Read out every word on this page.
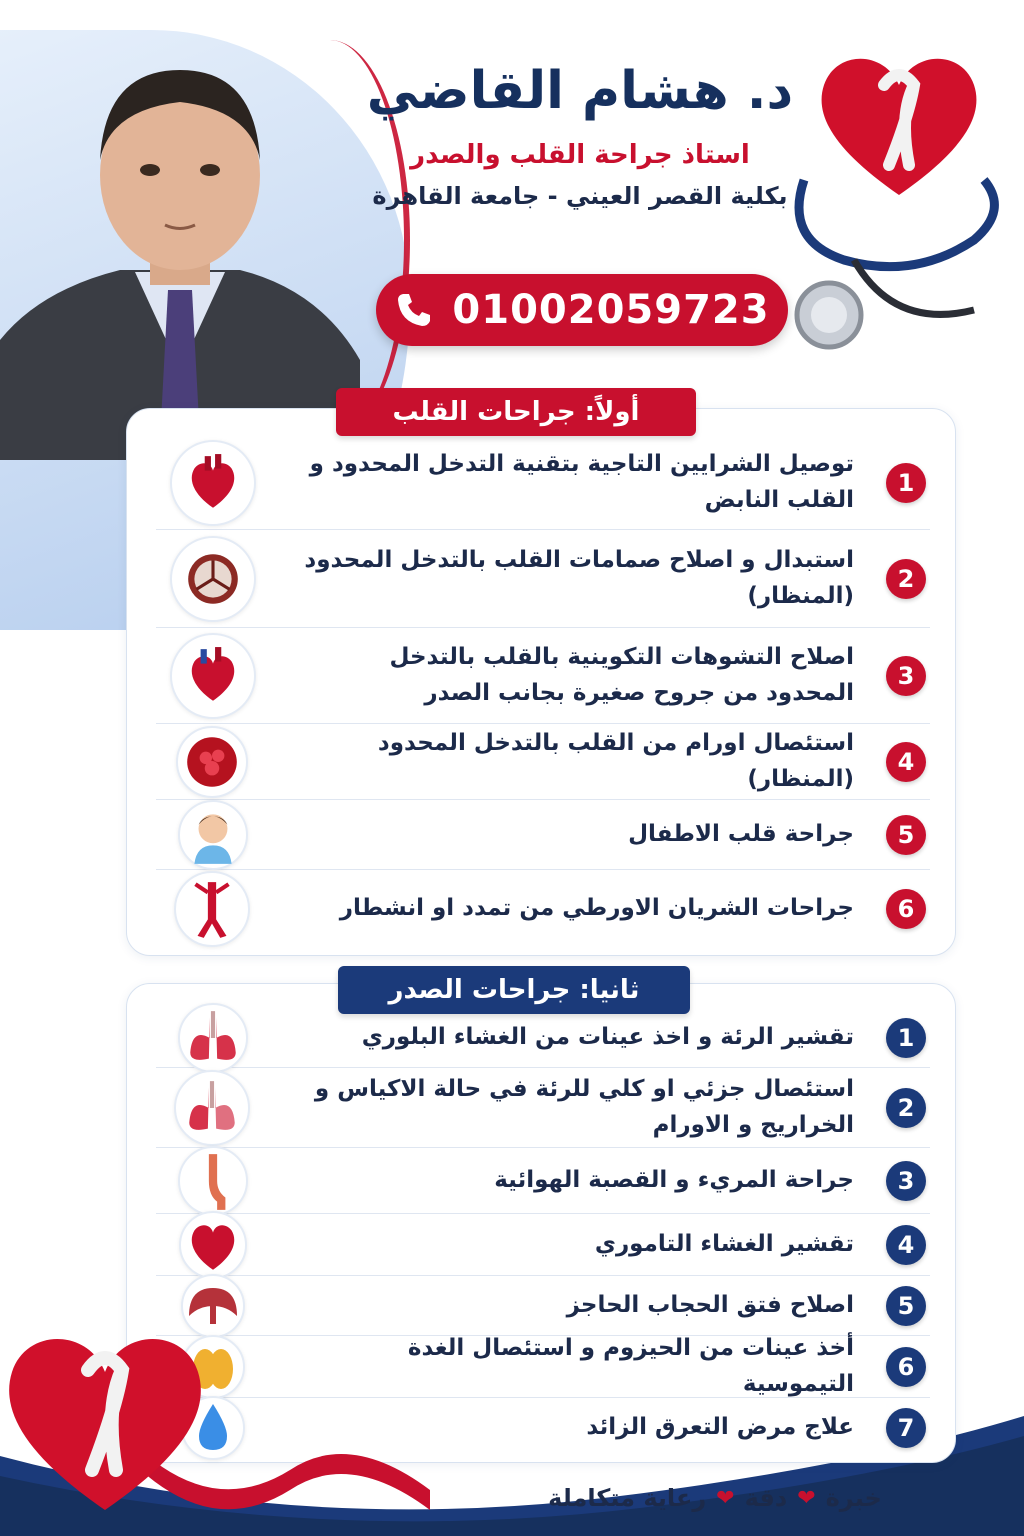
د. هشام القاضي
استاذ جراحة القلب والصدر
بكلية القصر العيني - جامعة القاهرة
01002059723
أولاً: جراحات القلب
1
توصيل الشرايين التاجية بتقنية التدخل المحدود و القلب النابض
2
استبدال و اصلاح صمامات القلب بالتدخل المحدود (المنظار)
3
اصلاح التشوهات التكوينية بالقلب بالتدخل المحدود من جروح صغيرة بجانب الصدر
4
استئصال اورام من القلب بالتدخل المحدود (المنظار)
5
جراحة قلب الاطفال
6
جراحات الشريان الاورطي من تمدد او انشطار
ثانيا: جراحات الصدر
1
تقشير الرئة و اخذ عينات من الغشاء البلوري
2
استئصال جزئي او كلي للرئة في حالة الاكياس و الخراريج و الاورام
3
جراحة المريء و القصبة الهوائية
4
تقشير الغشاء التاموري
5
اصلاح فتق الحجاب الحاجز
6
أخذ عينات من الحيزوم و استئصال الغدة التيموسية
7
علاج مرض التعرق الزائد
خبرة
❤
دقة
❤
رعاية متكاملة
